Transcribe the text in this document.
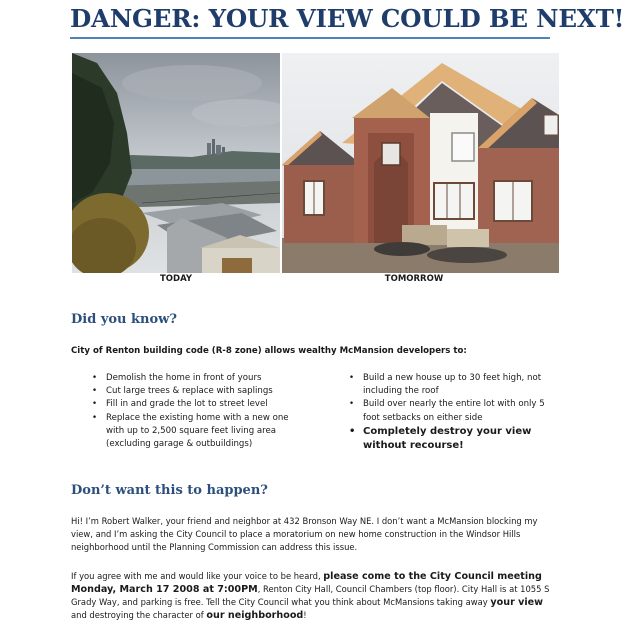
DANGER: YOUR VIEW COULD BE NEXT!
TODAY	TOMORROW
Did you know?
City of Renton building code (R-8 zone) allows wealthy McMansion developers to:
• Demolish the home in front of yours
• Cut large trees & replace with saplings
• Fill in and grade the lot to street level
• Replace the existing home with a new one with up to 2,500 square feet living area (excluding garage & outbuildings)
• Build a new house up to 30 feet high, not including the roof
• Build over nearly the entire lot with only 5 foot setbacks on either side
• Completely destroy your view without recourse!
Don’t want this to happen?
Hi! I’m Robert Walker, your friend and neighbor at 432 Bronson Way NE. I don’t want a McMansion blocking my view, and I’m asking the City Council to place a moratorium on new home construction in the Windsor Hills neighborhood until the Planning Commission can address this issue.
If you agree with me and would like your voice to be heard, please come to the City Council meeting Monday, March 17 2008 at 7:00PM, Renton City Hall, Council Chambers (top floor). City Hall is at 1055 S Grady Way, and parking is free. Tell the City Council what you think about McMansions taking away your view and destroying the character of our neighborhood!
